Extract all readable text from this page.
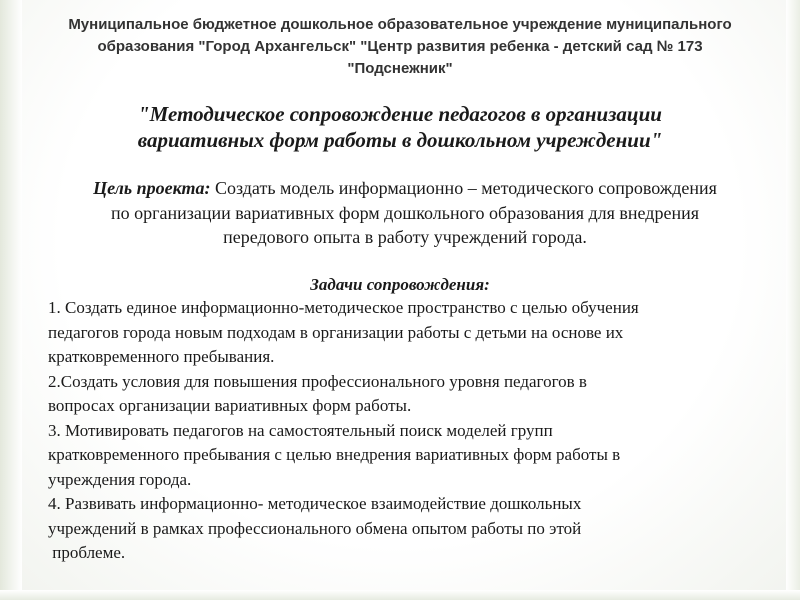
Муниципальное бюджетное дошкольное образовательное учреждение муниципального
образования "Город Архангельск" "Центр развития ребенка - детский сад № 173
"Подснежник"
"Методическое сопровождение педагогов в организации
вариативных форм работы в дошкольном учреждении"
Цель проекта: Создать модель информационно – методического сопровождения
по организации вариативных форм дошкольного образования для внедрения
передового опыта в работу учреждений города.
Задачи сопровождения:
1. Создать единое информационно-методическое пространство с целью обучения
педагогов города новым подходам в организации работы с детьми на основе их
кратковременного пребывания.
2.Создать условия для повышения профессионального уровня педагогов в
вопросах организации вариативных форм работы.
3. Мотивировать педагогов на самостоятельный поиск моделей групп
кратковременного пребывания с целью внедрения вариативных форм работы в
учреждения города.
4. Развивать информационно- методическое взаимодействие дошкольных
учреждений в рамках профессионального обмена опытом работы по этой
проблеме.
